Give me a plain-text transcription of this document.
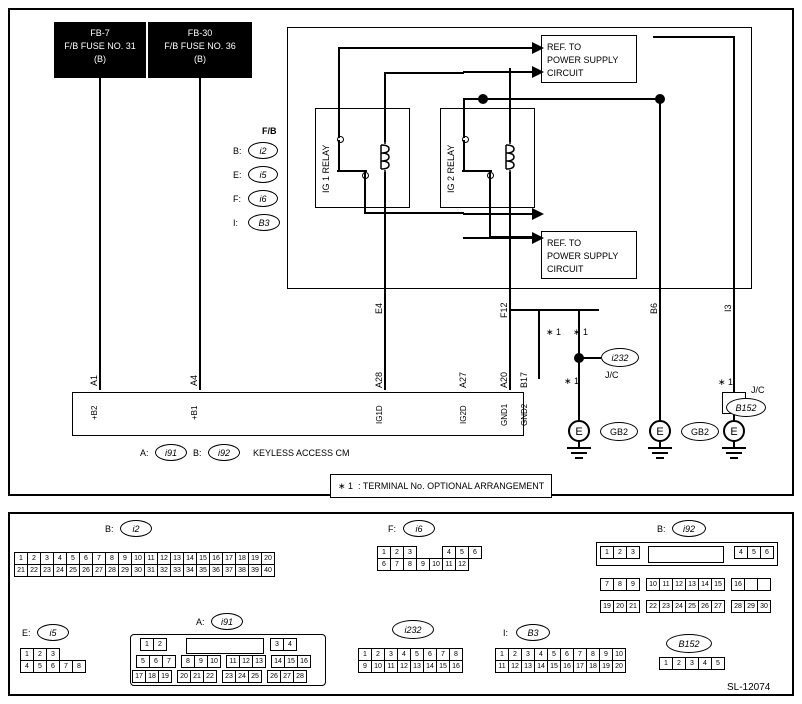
FB-7
F/B FUSE NO. 31
(B)
FB-30
F/B FUSE NO. 36
(B)
F/B
B: i2
E: i5
F: i6
I: B3
IG 1 RELAY	IG 2 RELAY
REF. TO
POWER SUPPLY
CIRCUIT
REF. TO
POWER SUPPLY
CIRCUIT
E4	F12	B6	I3
i232
J/C
∗ 1 ∗ 1
∗ 1	∗ 1
J/C
B152
A1
+B2
A4
+B1
A28
IG1D
A27
IG2D
A20
GND1
B17
GND2
A: i91 B: i92	KEYLESS ACCESS CM
E	GB2	E	GB2 E
∗ 1  : TERMINAL No. OPTIONAL ARRANGEMENT
B: i2
1	2	3	4	5	6	7	8	9	10	11	12	13	14	15	16	17	18	19	20
21	22	23	24	25	26	27	28	29	30	31	32	33	34	35	36	37	38	39	40
F: i6
1	2	3			4	5	6
6	7	8	9	10	11	12	
B: i92
1	2	3	4	5	6
7	8	9		10	11	12	13	14	15		16		
19	20	21		22	23	24	25	26	27		28	29	30
E: i5
1	2	3		
4	5	6	7	8
A: i91
1	2	3	4
5	6	7		8	9	10		11	12	13		14	15	16
17	18	19		20	21	22		23	24	25		26	27	28
i232
1	2	3	4	5	6	7	8
9	10	11	12	13	14	15	16
I: B3
1	2	3	4	5	6	7	8	9	10
11	12	13	14	15	16	17	18	19	20
B152
1	2	3	4	5
SL-12074
